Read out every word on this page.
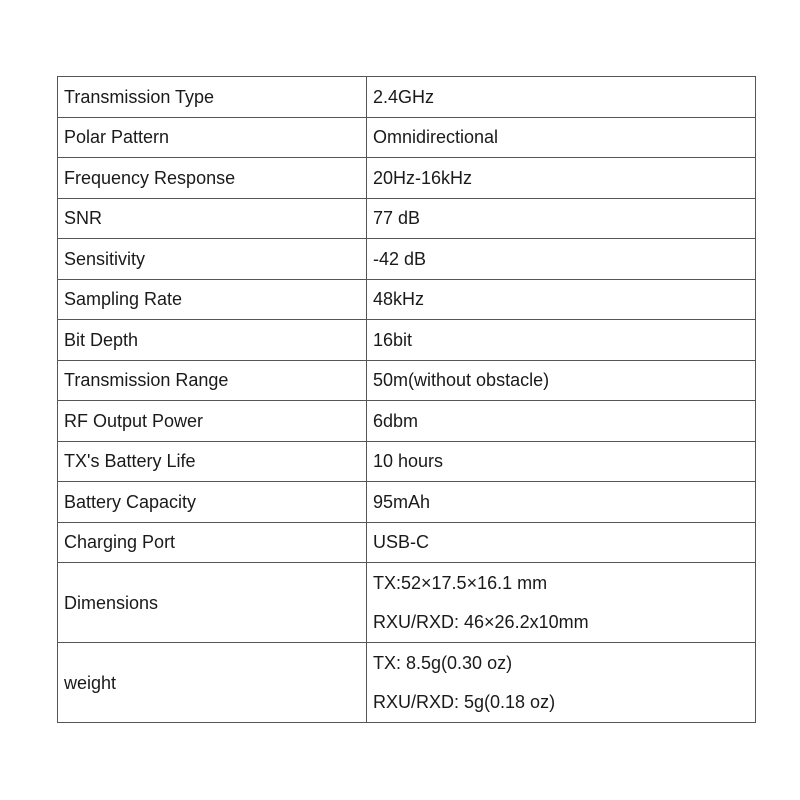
Transmission Type	2.4GHz

Polar Pattern	Omnidirectional

Frequency Response	20Hz-16kHz

SNR	77 dB

Sensitivity	-42 dB

Sampling Rate	48kHz

Bit Depth	16bit

Transmission Range	50m(without obstacle)

RF Output Power	6dbm

TX's Battery Life	10 hours

Battery Capacity	95mAh

Charging Port	USB-C

Dimensions	TX:52×17.5×16.1 mm
RXU/RXD: 46×26.2x10mm

weight	TX: 8.5g(0.30 oz)
RXU/RXD: 5g(0.18 oz)
